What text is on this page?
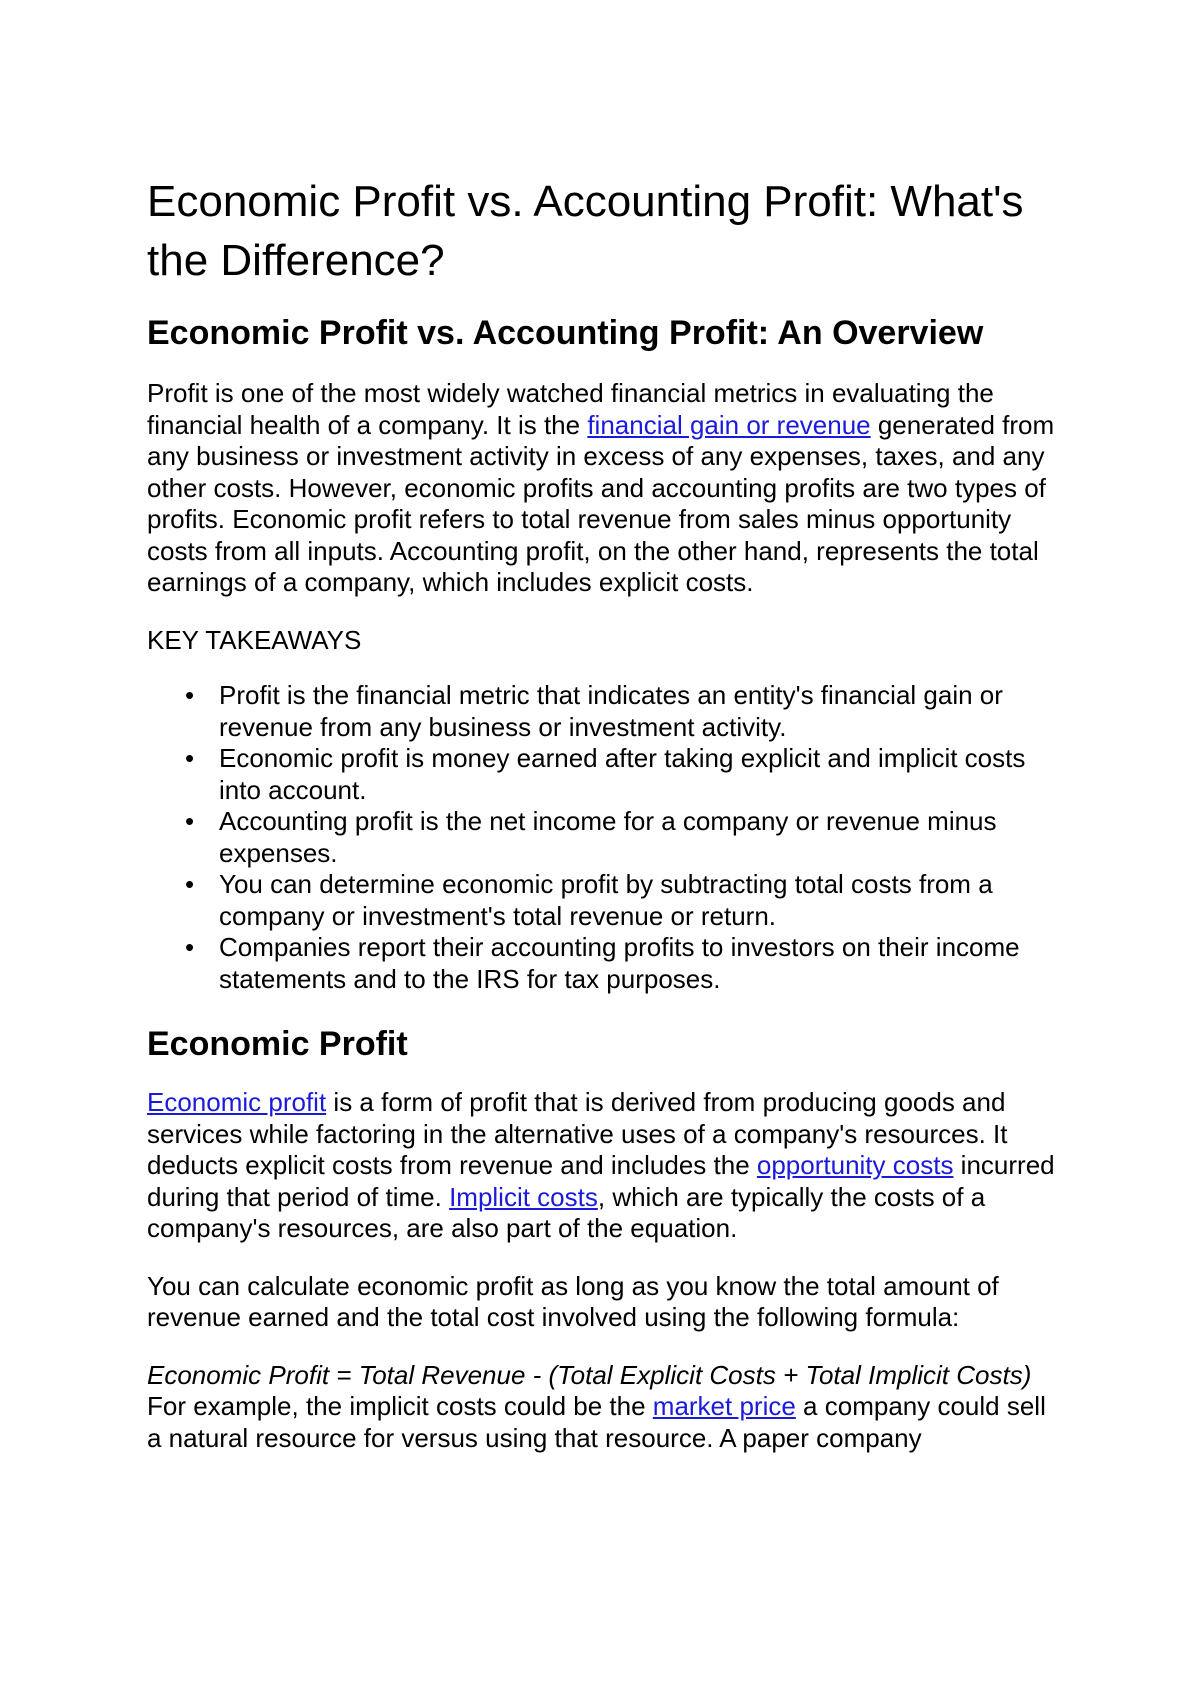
Economic Profit vs. Accounting Profit: What's the Difference?
Economic Profit vs. Accounting Profit: An Overview

Profit is one of the most widely watched financial metrics in evaluating the financial health of a company. It is the financial gain or revenue generated from any business or investment activity in excess of any expenses, taxes, and any other costs. However, economic profits and accounting profits are two types of profits. Economic profit refers to total revenue from sales minus opportunity costs from all inputs. Accounting profit, on the other hand, represents the total earnings of a company, which includes explicit costs.

KEY TAKEAWAYS

• Profit is the financial metric that indicates an entity's financial gain or revenue from any business or investment activity.
• Economic profit is money earned after taking explicit and implicit costs into account.
• Accounting profit is the net income for a company or revenue minus expenses.
• You can determine economic profit by subtracting total costs from a company or investment's total revenue or return.
• Companies report their accounting profits to investors on their income statements and to the IRS for tax purposes.
Economic Profit

Economic profit is a form of profit that is derived from producing goods and services while factoring in the alternative uses of a company's resources. It deducts explicit costs from revenue and includes the opportunity costs incurred during that period of time. Implicit costs, which are typically the costs of a company's resources, are also part of the equation.

You can calculate economic profit as long as you know the total amount of revenue earned and the total cost involved using the following formula:

Economic Profit = Total Revenue - (Total Explicit Costs + Total Implicit Costs)

For example, the implicit costs could be the market price a company could sell a natural resource for versus using that resource. A paper company
